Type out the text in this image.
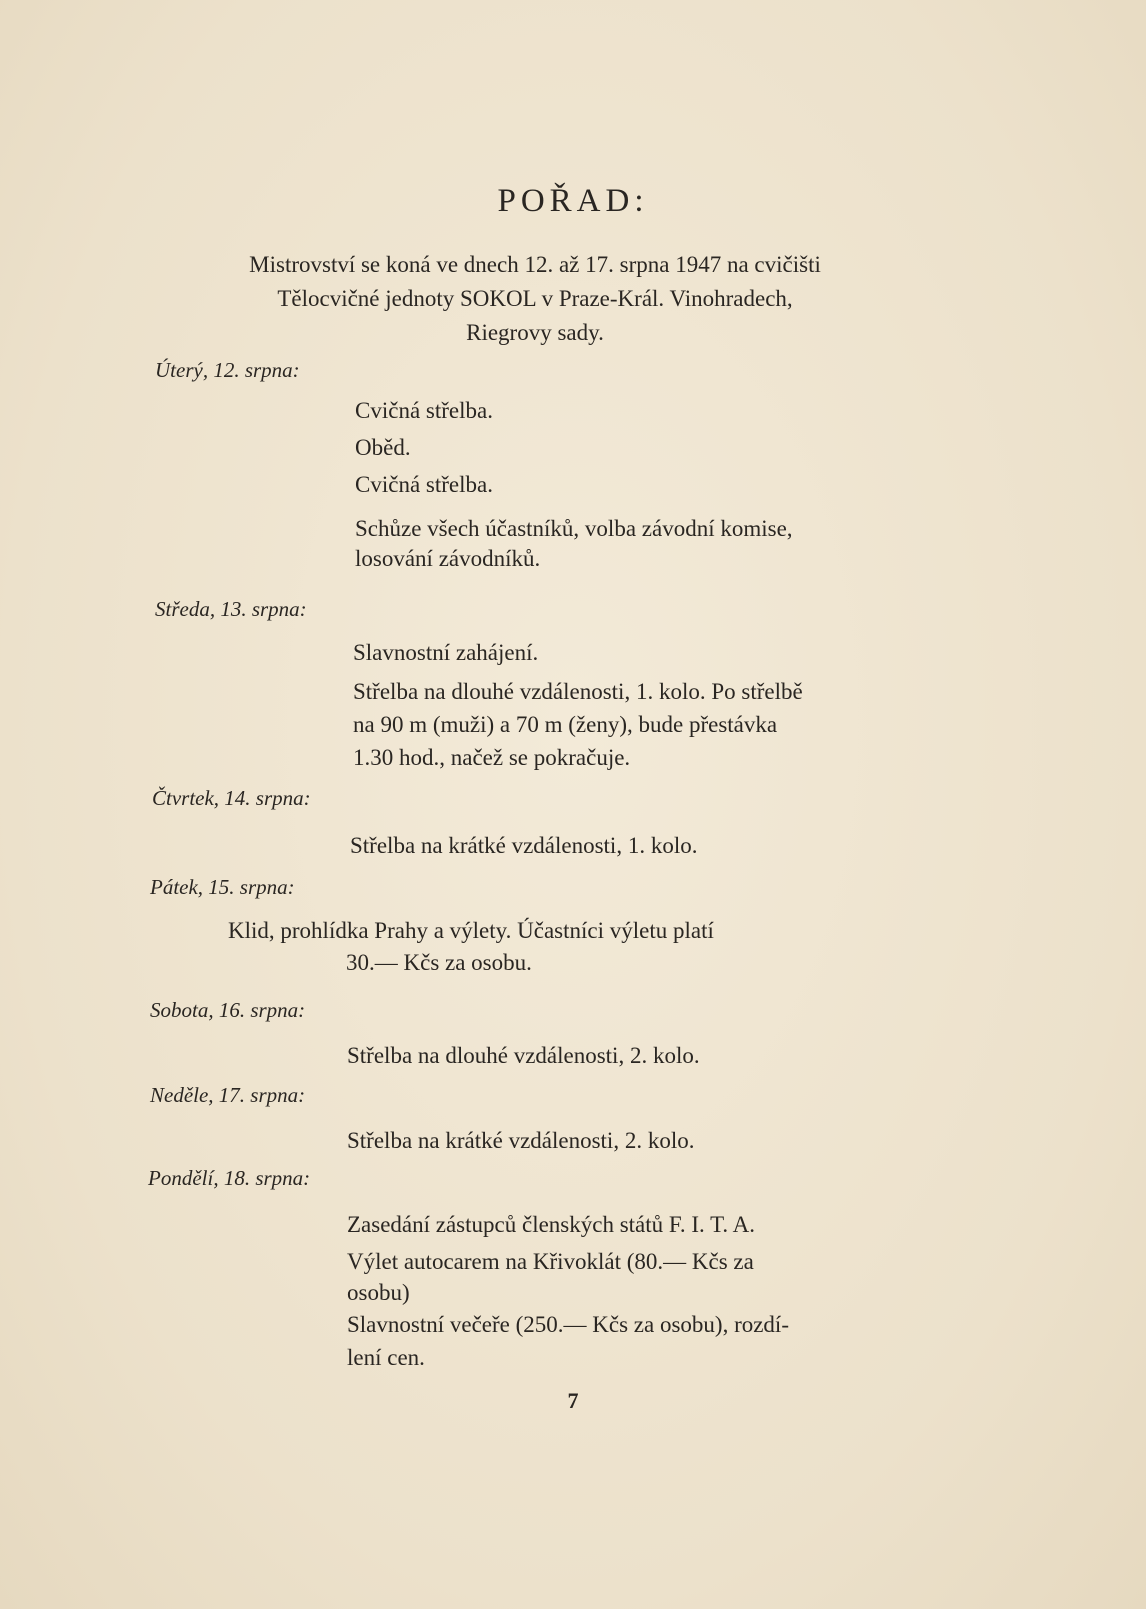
POŘAD:
Mistrovství se koná ve dnech 12. až 17. srpna 1947 na cvičišti
Tělocvičné jednoty SOKOL v Praze-Král. Vinohradech,
Riegrovy sady.
Úterý, 12. srpna:
Cvičná střelba.
Oběd.
Cvičná střelba.
Schůze všech účastníků, volba závodní komise,
losování závodníků.
Středa, 13. srpna:
Slavnostní zahájení.
Střelba na dlouhé vzdálenosti, 1. kolo. Po střelbě
na 90 m (muži) a 70 m (ženy), bude přestávka
1.30 hod., načež se pokračuje.
Čtvrtek, 14. srpna:
Střelba na krátké vzdálenosti, 1. kolo.
Pátek, 15. srpna:
Klid, prohlídka Prahy a výlety. Účastníci výletu platí
30.— Kčs za osobu.
Sobota, 16. srpna:
Střelba na dlouhé vzdálenosti, 2. kolo.
Neděle, 17. srpna:
Střelba na krátké vzdálenosti, 2. kolo.
Pondělí, 18. srpna:
Zasedání zástupců členských států F. I. T. A.
Výlet autocarem na Křivoklát (80.— Kčs za
osobu)
Slavnostní večeře (250.— Kčs za osobu), rozdí-
lení cen.
7
